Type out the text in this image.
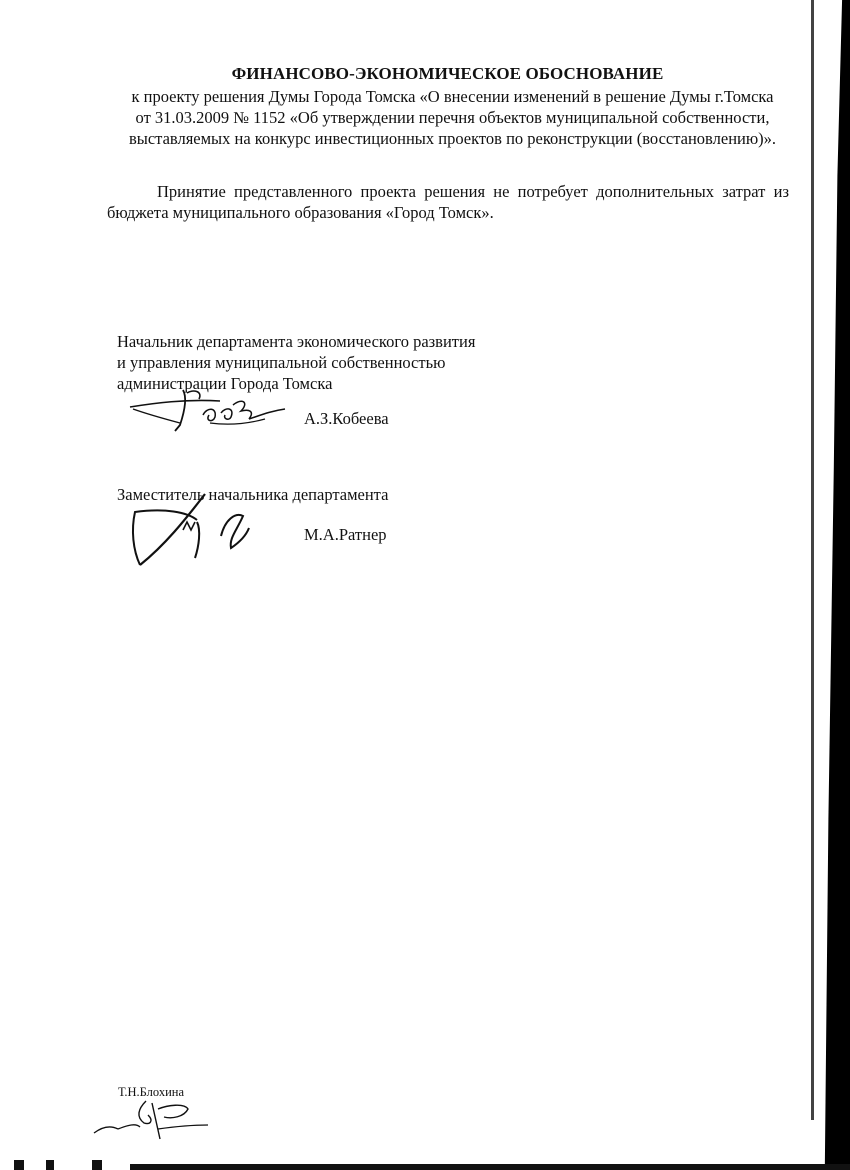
ФИНАНСОВО-ЭКОНОМИЧЕСКОЕ ОБОСНОВАНИЕ
к проекту решения Думы Города Томска «О внесении изменений в решение Думы г.Томска
от 31.03.2009 № 1152 «Об утверждении перечня объектов муниципальной собственности,
выставляемых на конкурс инвестиционных проектов по реконструкции (восстановлению)».
Принятие представленного проекта решения не потребует дополнительных затрат из бюджета муниципального образования «Город Томск».
Начальник департамента экономического развития
и управления муниципальной собственностью
администрации Города Томска
А.З.Кобеева
Заместитель начальника департамента
М.А.Ратнер
Т.Н.Блохина
